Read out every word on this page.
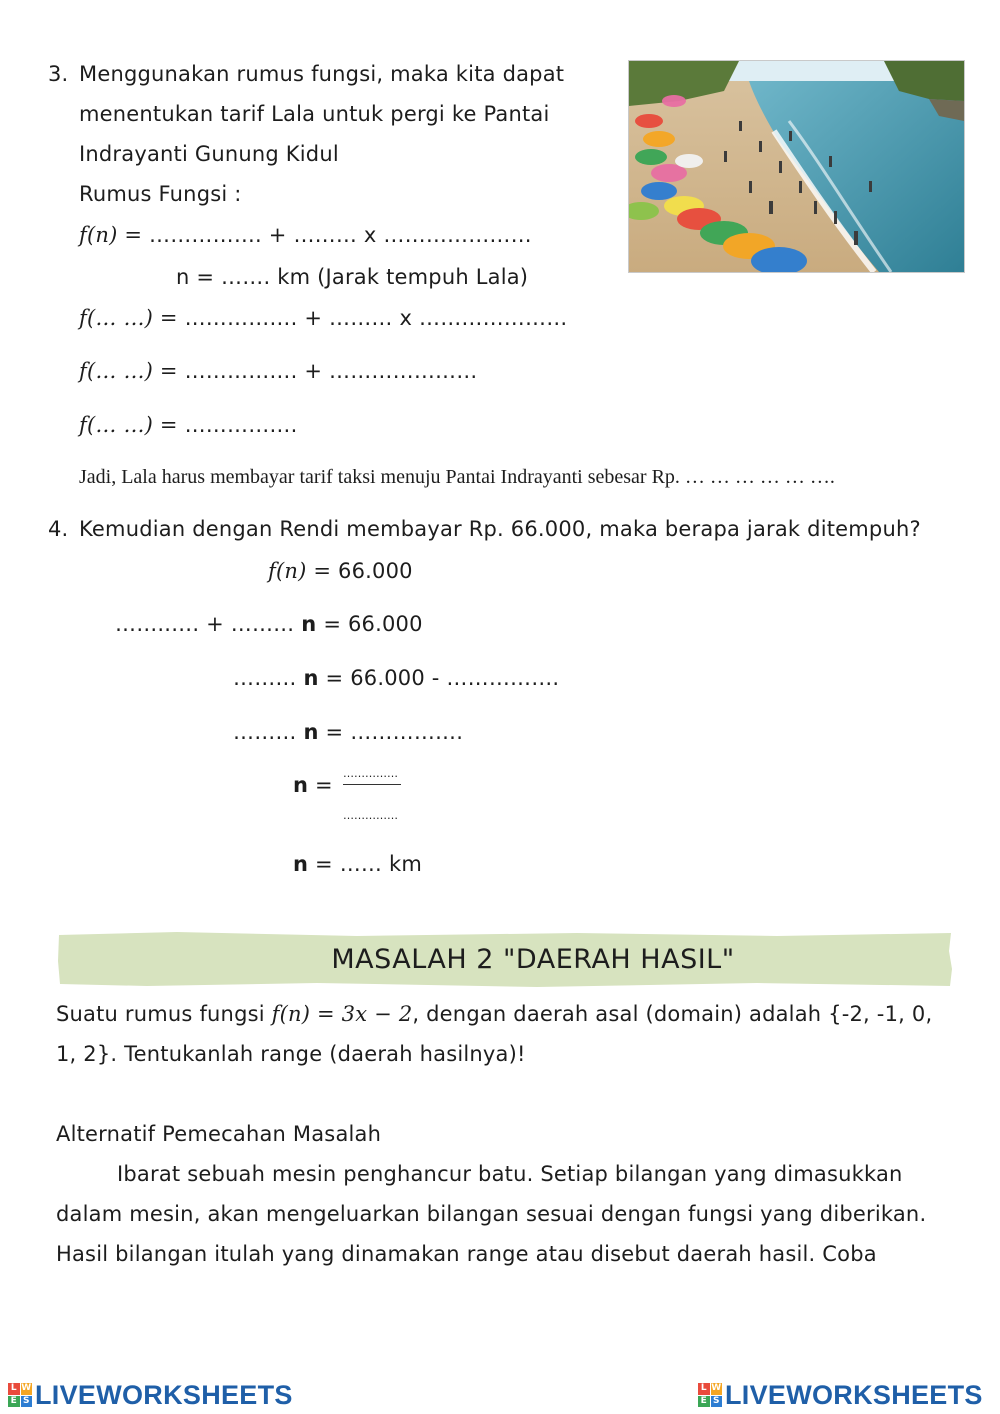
3. Menggunakan rumus fungsi, maka kita dapat
menentukan tarif Lala untuk pergi ke Pantai
Indrayanti Gunung Kidul
Rumus Fungsi :
f(n) = ……………. + ……… x …………………
n = ……. km (Jarak tempuh Lala)
f(… …) = ……………. + ……… x …………………
f(… …) = ……………. + …………………
f(… …) = …………….
Jadi, Lala harus membayar tarif taksi menuju Pantai Indrayanti sebesar Rp. … … … … … ….
4. Kemudian dengan Rendi membayar Rp. 66.000, maka berapa jarak ditempuh?
f(n) = 66.000
……..…. + ……… n = 66.000
……… n = 66.000 - …………….
……… n = …………….
n = ……………
……………
n = …… km
MASALAH 2 "DAERAH HASIL"
Suatu rumus fungsi f(n) = 3x − 2, dengan daerah asal (domain) adalah {-2, -1, 0,
1, 2}. Tentukanlah range (daerah hasilnya)!
Alternatif Pemecahan Masalah
Ibarat sebuah mesin penghancur batu. Setiap bilangan yang dimasukkan
dalam mesin, akan mengeluarkan bilangan sesuai dengan fungsi yang diberikan.
Hasil bilangan itulah yang dinamakan range atau disebut daerah hasil. Coba
L W
E S LIVEWORKSHEETS	L W
E S LIVEWORKSHEETS
